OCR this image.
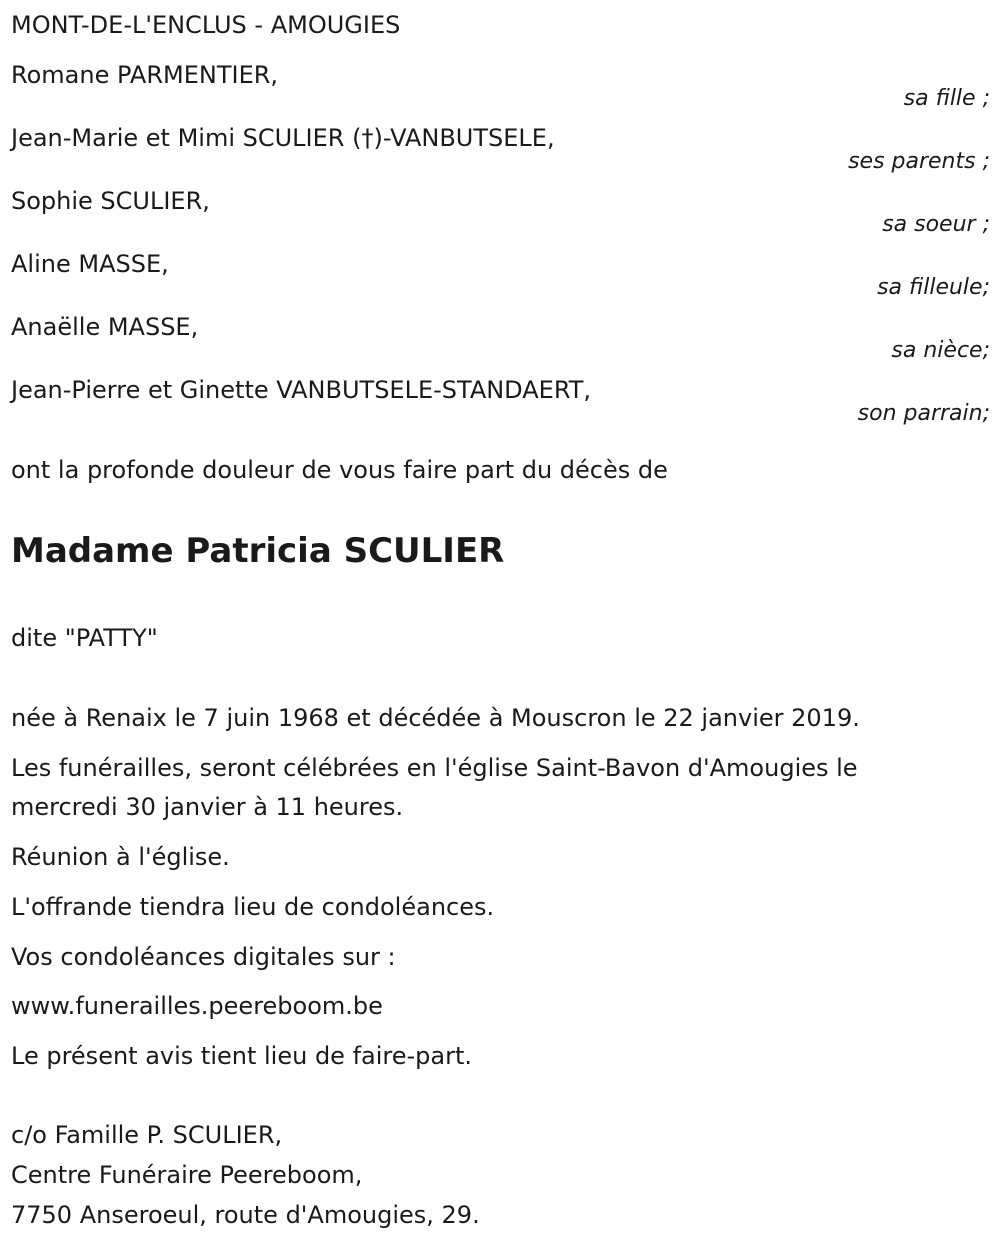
MONT-DE-L'ENCLUS - AMOUGIES
Romane PARMENTIER,
sa fille ;
Jean-Marie et Mimi SCULIER (†)-VANBUTSELE,
ses parents ;
Sophie SCULIER,
sa soeur ;
Aline MASSE,
sa filleule;
Anaëlle MASSE,
sa nièce;
Jean-Pierre et Ginette VANBUTSELE-STANDAERT,
son parrain;
ont la profonde douleur de vous faire part du décès de
Madame Patricia SCULIER
dite "PATTY"
née à Renaix le 7 juin 1968 et décédée à Mouscron le 22 janvier 2019.
Les funérailles, seront célébrées en l'église Saint-Bavon d'Amougies le
mercredi 30 janvier à 11 heures.
Réunion à l'église.
L'offrande tiendra lieu de condoléances.
Vos condoléances digitales sur :
www.funerailles.peereboom.be
Le présent avis tient lieu de faire-part.
c/o Famille P. SCULIER,
Centre Funéraire Peereboom,
7750 Anseroeul, route d'Amougies, 29.
